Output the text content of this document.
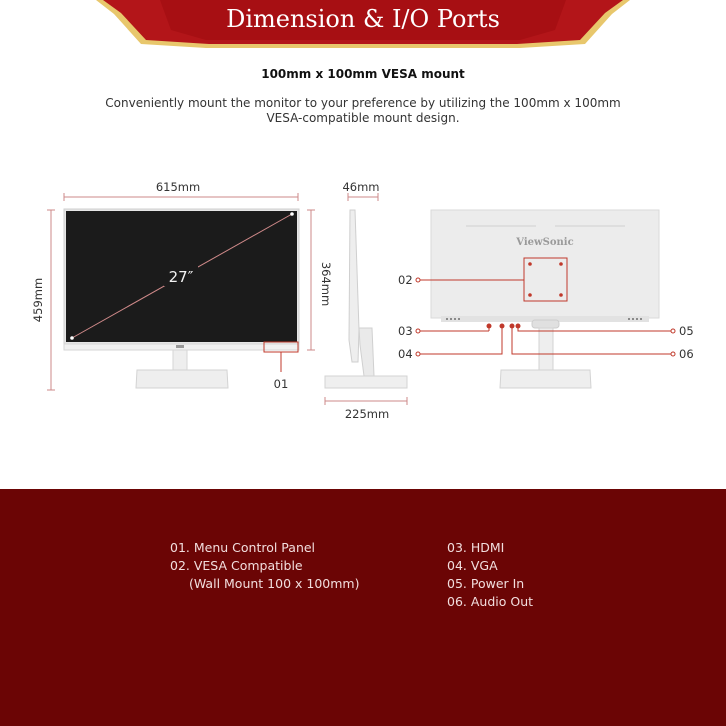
Dimension & I/O Ports
100mm x 100mm VESA mount
Conveniently mount the monitor to your preference by utilizing the 100mm x 100mm
VESA-compatible mount design.
615mm
459mm	364mm
27″
01
46mm
225mm
ViewSonic
02
03
04
05
06
01. Menu Control Panel
02. VESA Compatible
(Wall Mount 100 x 100mm)
03. HDMI
04. VGA
05. Power In
06. Audio Out
